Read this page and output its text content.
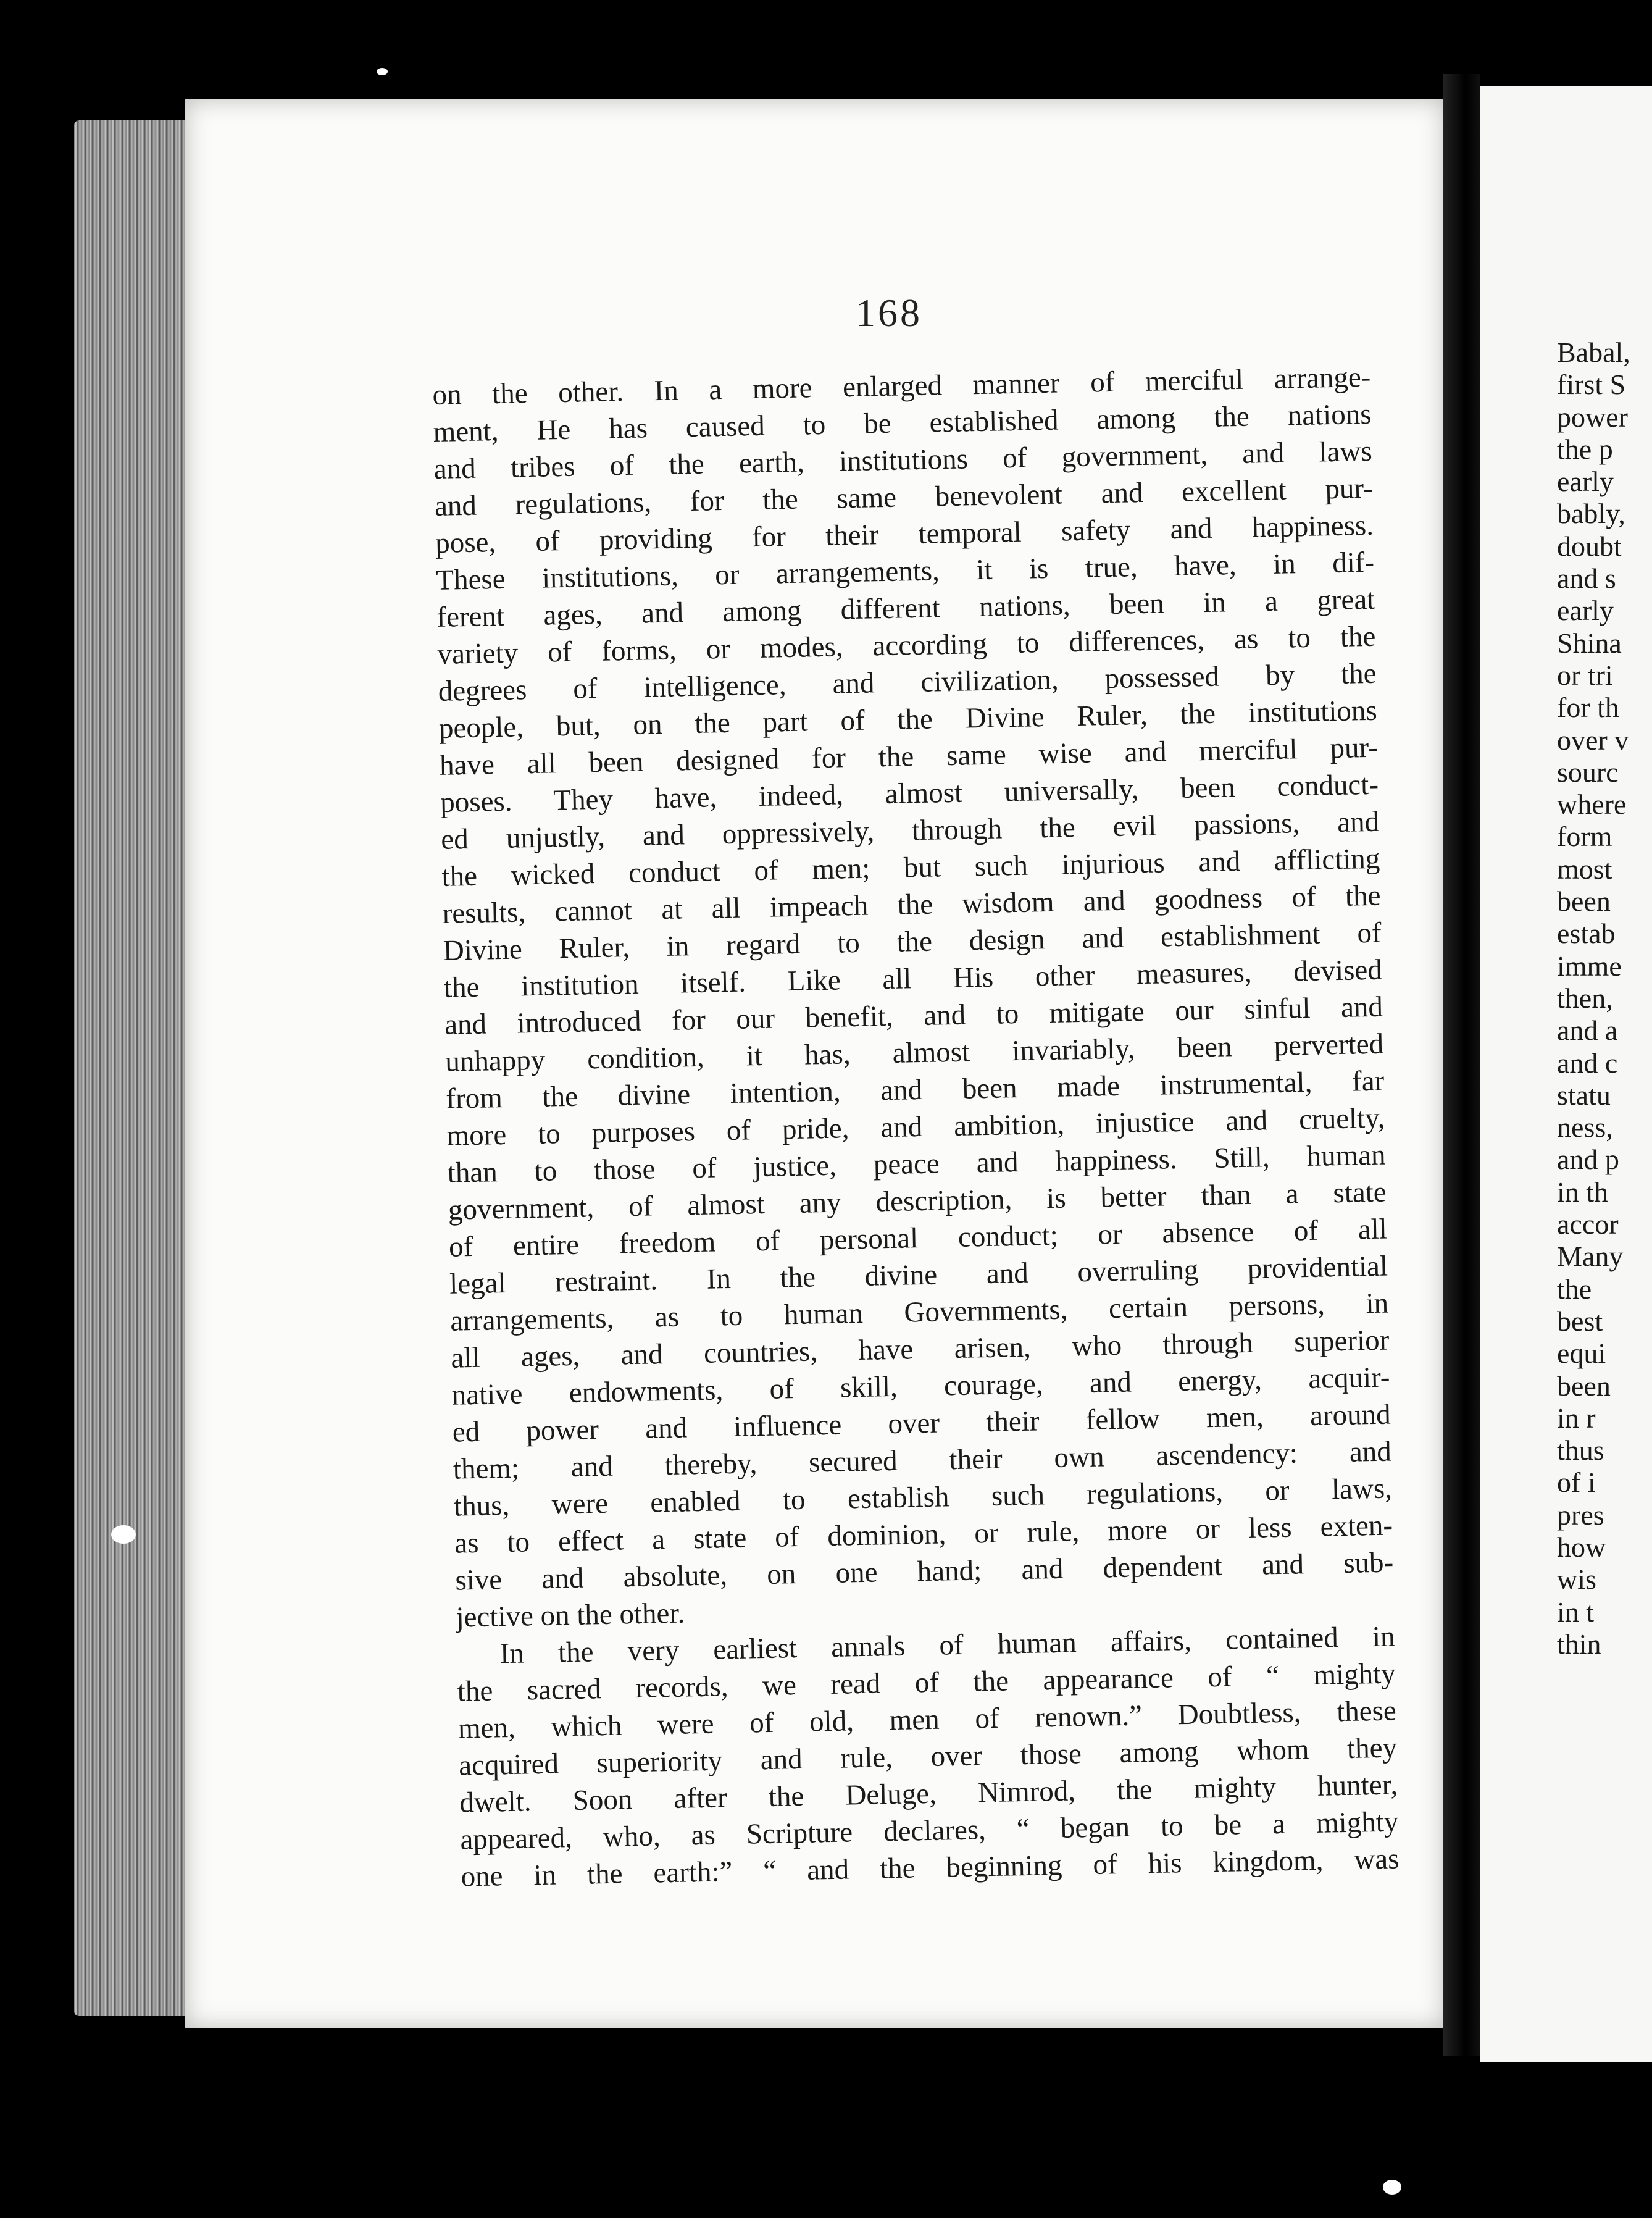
168
on the other. In a more enlarged manner of merciful arrange-
ment, He has caused to be established among the nations
and tribes of the earth, institutions of government, and laws
and regulations, for the same benevolent and excellent pur-
pose, of providing for their temporal safety and happiness.
These institutions, or arrangements, it is true, have, in dif-
ferent ages, and among different nations, been in a great
variety of forms, or modes, according to differences, as to the
degrees of intelligence, and civilization, possessed by the
people, but, on the part of the Divine Ruler, the institutions
have all been designed for the same wise and merciful pur-
poses. They have, indeed, almost universally, been conduct-
ed unjustly, and oppressively, through the evil passions, and
the wicked conduct of men; but such injurious and afflicting
results, cannot at all impeach the wisdom and goodness of the
Divine Ruler, in regard to the design and establishment of
the institution itself. Like all His other measures, devised
and introduced for our benefit, and to mitigate our sinful and
unhappy condition, it has, almost invariably, been perverted
from the divine intention, and been made instrumental, far
more to purposes of pride, and ambition, injustice and cruelty,
than to those of justice, peace and happiness. Still, human
government, of almost any description, is better than a state
of entire freedom of personal conduct; or absence of all
legal restraint. In the divine and overruling providential
arrangements, as to human Governments, certain persons, in
all ages, and countries, have arisen, who through superior
native endowments, of skill, courage, and energy, acquir-
ed power and influence over their fellow men, around
them; and thereby, secured their own ascendency: and
thus, were enabled to establish such regulations, or laws,
as to effect a state of dominion, or rule, more or less exten-
sive and absolute, on one hand; and dependent and sub-
jective on the other.
In the very earliest annals of human affairs, contained in
the sacred records, we read of the appearance of “ mighty
men, which were of old, men of renown.” Doubtless, these
acquired superiority and rule, over those among whom they
dwelt. Soon after the Deluge, Nimrod, the mighty hunter,
appeared, who, as Scripture declares, “ began to be a mighty
one in the earth:” “ and the beginning of his kingdom, was
Babal,
first S
power
the p
early
bably,
doubt
and s
early
Shina
or tri
for th
over v
sourc
where
form
most
been
estab
imme
then,
and a
and c
statu
ness,
and p
in th
accor
Many
the
best
equi
been
in r
thus
of i
pres
how
wis
in t
thin
